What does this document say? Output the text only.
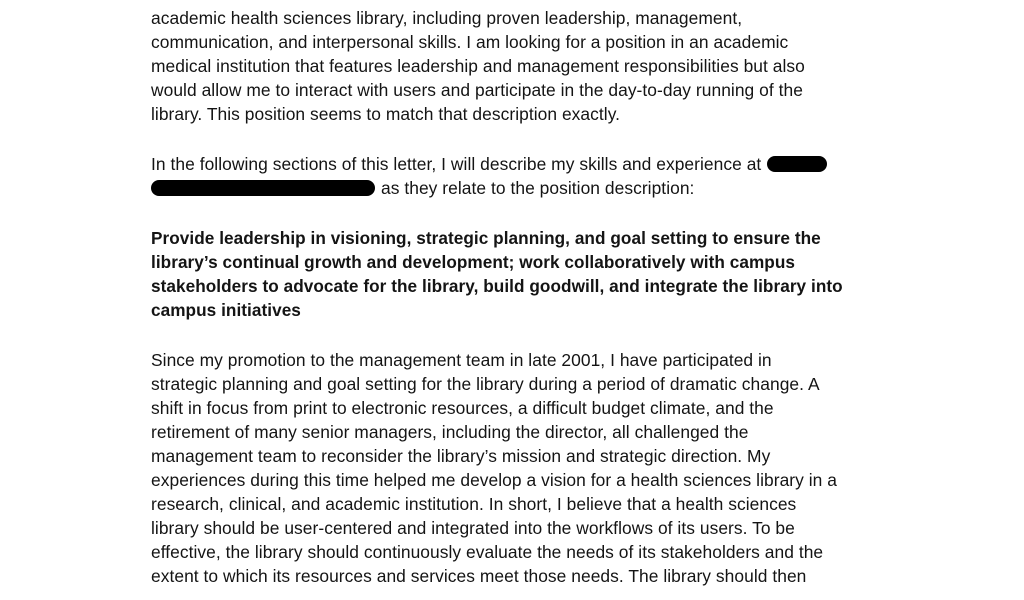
academic health sciences library, including proven leadership, management,
communication, and interpersonal skills. I am looking for a position in an academic
medical institution that features leadership and management responsibilities but also
would allow me to interact with users and participate in the day-to-day running of the
library. This position seems to match that description exactly.
In the following sections of this letter, I will describe my skills and experience at
as they relate to the position description:
Provide leadership in visioning, strategic planning, and goal setting to ensure the
library’s continual growth and development; work collaboratively with campus
stakeholders to advocate for the library, build goodwill, and integrate the library into
campus initiatives
Since my promotion to the management team in late 2001, I have participated in
strategic planning and goal setting for the library during a period of dramatic change. A
shift in focus from print to electronic resources, a difficult budget climate, and the
retirement of many senior managers, including the director, all challenged the
management team to reconsider the library’s mission and strategic direction. My
experiences during this time helped me develop a vision for a health sciences library in a
research, clinical, and academic institution. In short, I believe that a health sciences
library should be user-centered and integrated into the workflows of its users. To be
effective, the library should continuously evaluate the needs of its stakeholders and the
extent to which its resources and services meet those needs. The library should then
